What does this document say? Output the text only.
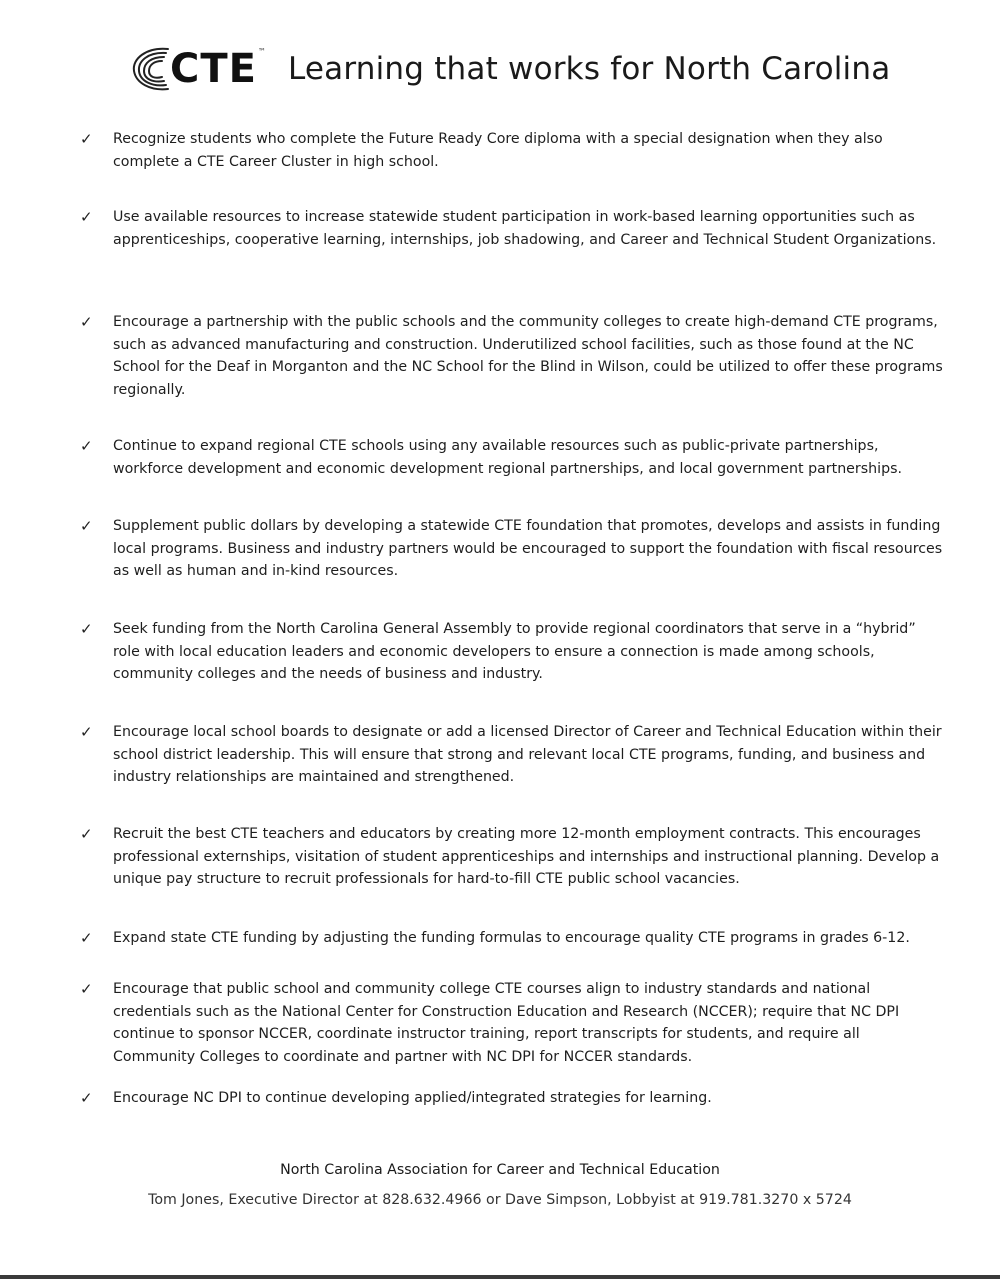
CTE ™ Learning that works for North Carolina
✓	Recognize students who complete the Future Ready Core diploma with a special designation when they also complete a CTE Career Cluster in high school.
✓	Use available resources to increase statewide student participation in work-based learning opportunities such as apprenticeships, cooperative learning, internships, job shadowing, and Career and Technical Student Organizations.
✓	Encourage a partnership with the public schools and the community colleges to create high-demand CTE programs, such as advanced manufacturing and construction. Underutilized school facilities, such as those found at the NC School for the Deaf in Morganton and the NC School for the Blind in Wilson, could be utilized to offer these programs regionally.
✓	Continue to expand regional CTE schools using any available resources such as public-private partnerships, workforce development and economic development regional partnerships, and local government partnerships.
✓	Supplement public dollars by developing a statewide CTE foundation that promotes, develops and assists in funding local programs. Business and industry partners would be encouraged to support the foundation with fiscal resources as well as human and in-kind resources.
✓	Seek funding from the North Carolina General Assembly to provide regional coordinators that serve in a “hybrid” role with local education leaders and economic developers to ensure a connection is made among schools, community colleges and the needs of business and industry.
✓	Encourage local school boards to designate or add a licensed Director of Career and Technical Education within their school district leadership. This will ensure that strong and relevant local CTE programs, funding, and business and industry relationships are maintained and strengthened.
✓	Recruit the best CTE teachers and educators by creating more 12-month employment contracts. This encourages professional externships, visitation of student apprenticeships and internships and instructional planning. Develop a unique pay structure to recruit professionals for hard-to-fill CTE public school vacancies.
✓	Expand state CTE funding by adjusting the funding formulas to encourage quality CTE programs in grades 6-12.
✓	Encourage that public school and community college CTE courses align to industry standards and national credentials such as the National Center for Construction Education and Research (NCCER); require that NC DPI continue to sponsor NCCER, coordinate instructor training, report transcripts for students, and require all Community Colleges to coordinate and partner with NC DPI for NCCER standards.
✓	Encourage NC DPI to continue developing applied/integrated strategies for learning.
North Carolina Association for Career and Technical Education
Tom Jones, Executive Director at 828.632.4966 or Dave Simpson, Lobbyist at 919.781.3270 x 5724
